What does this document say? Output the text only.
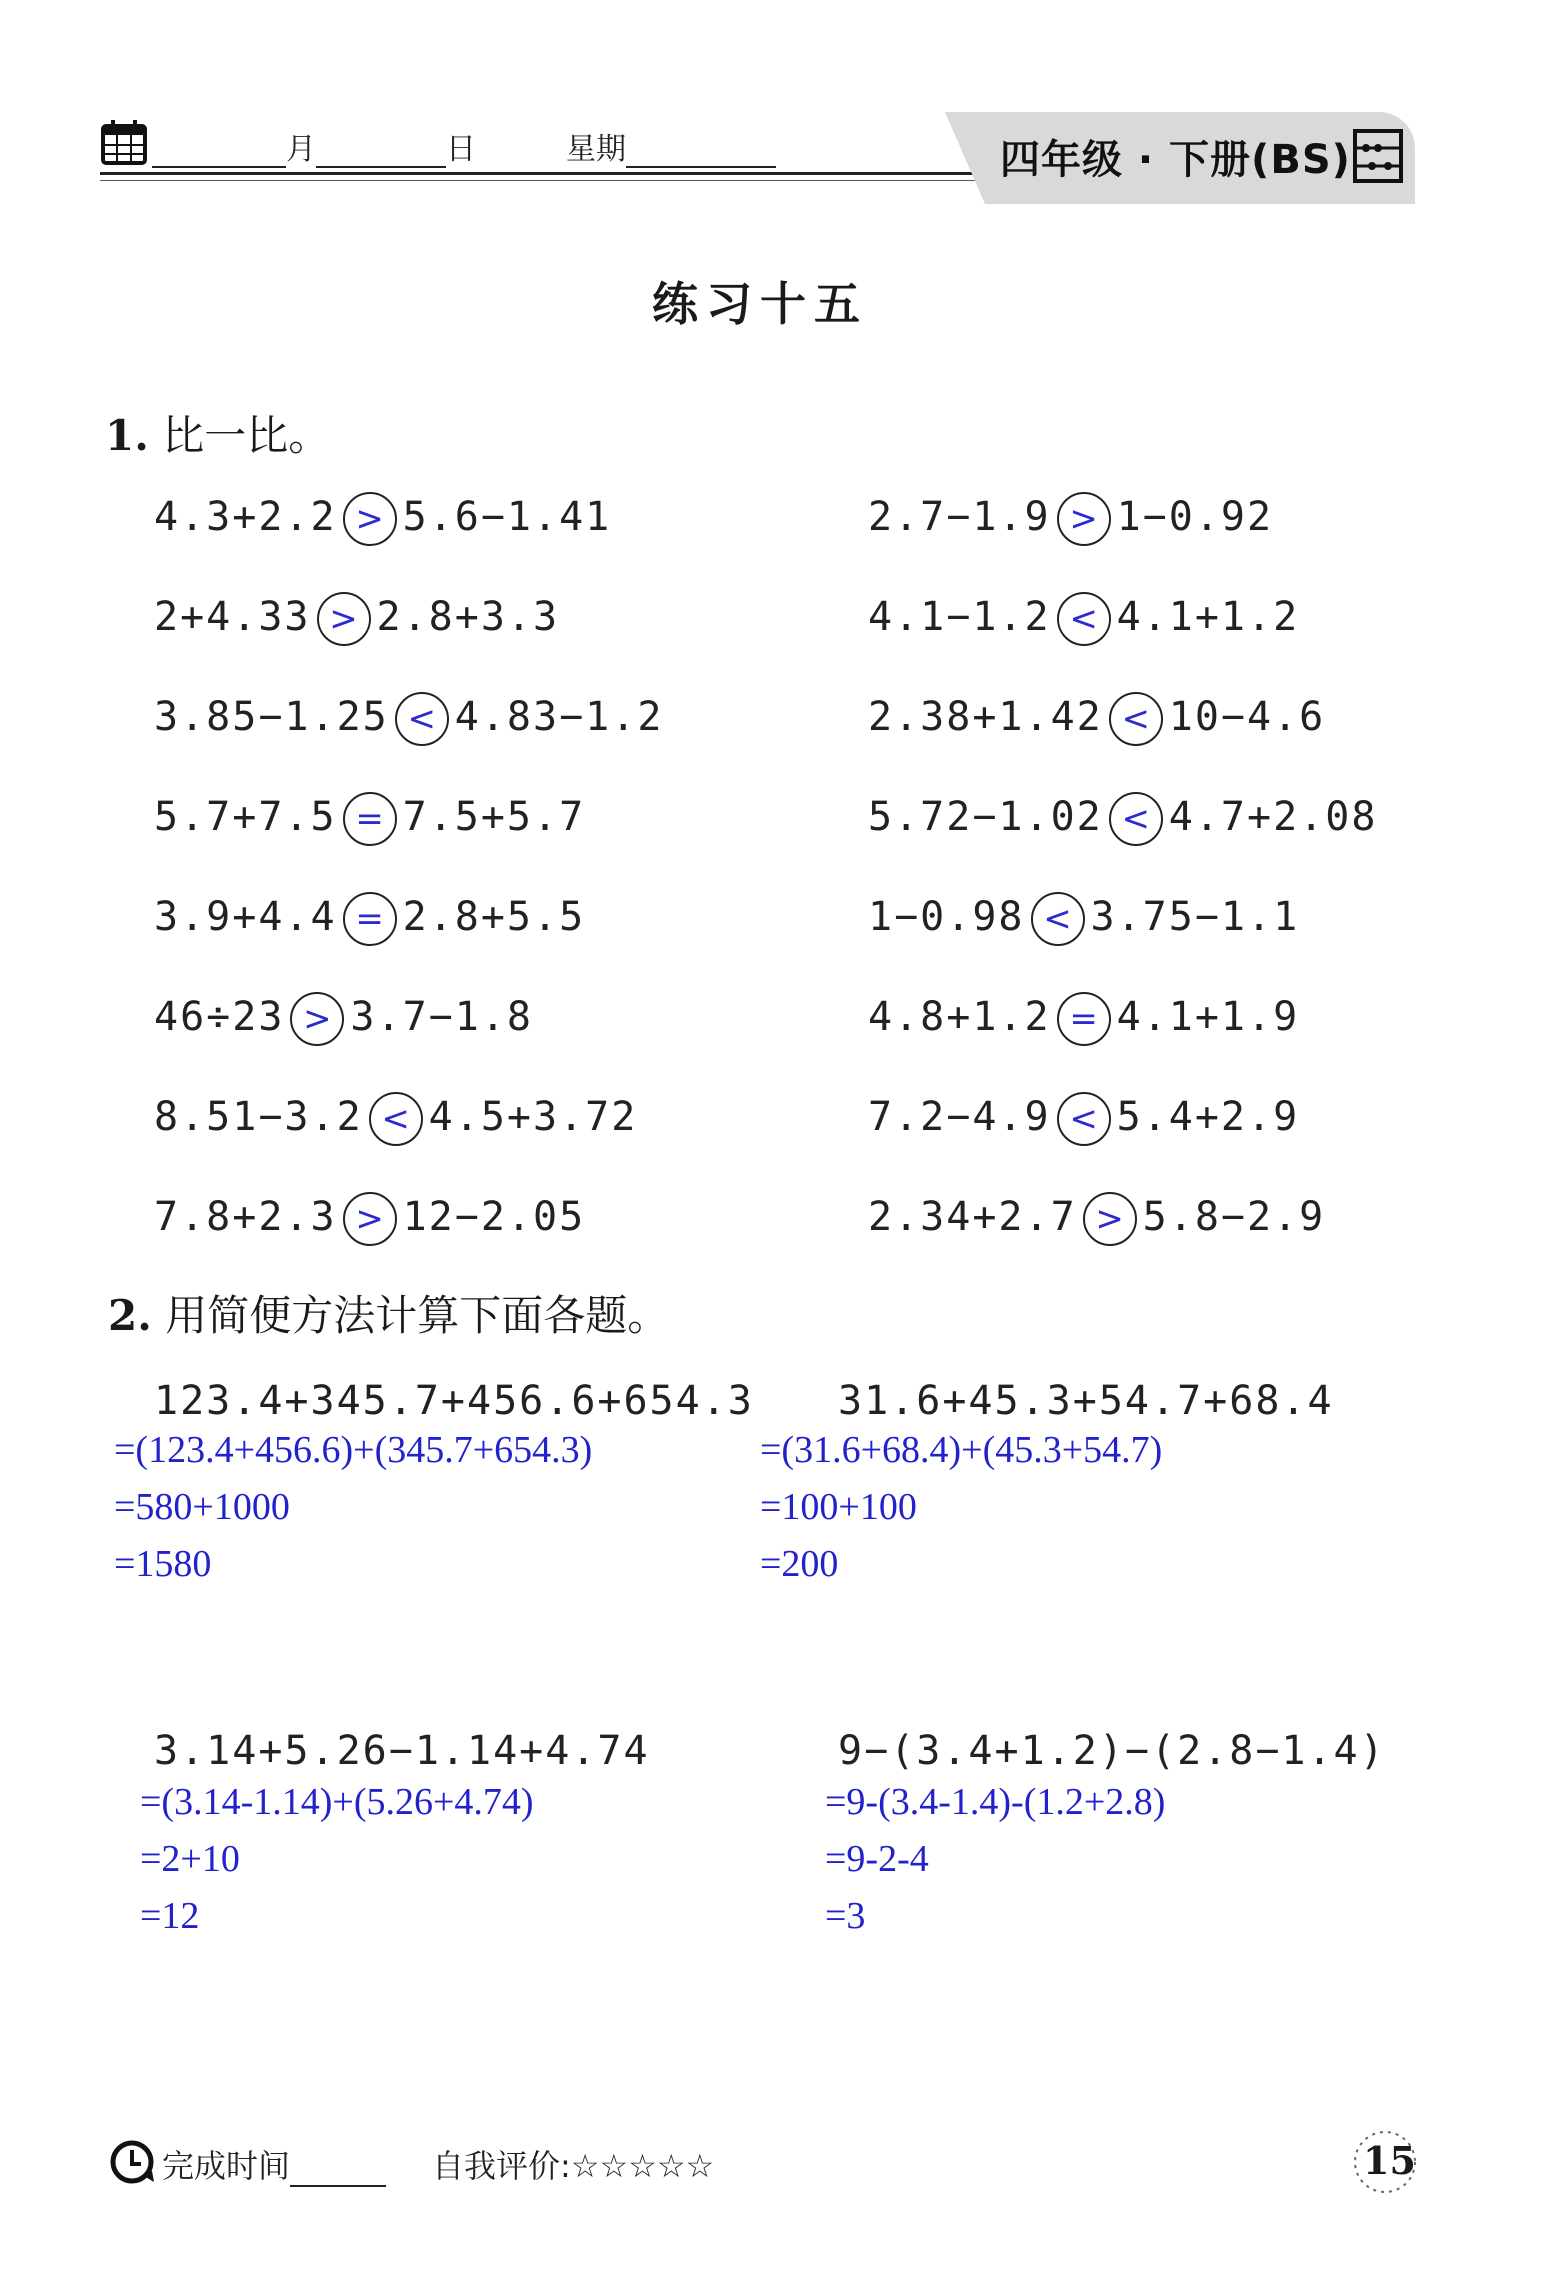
月	日	星期	四年级 · 下册(BS)
练习十五
1. 比一比。
4.3+2.2 > 5.6−1.41
2+4.33 > 2.8+3.3
3.85−1.25 < 4.83−1.2
5.7+7.5 = 7.5+5.7
3.9+4.4 = 2.8+5.5
46÷23 > 3.7−1.8
8.51−3.2 < 4.5+3.72
7.8+2.3 > 12−2.05
2.7−1.9 > 1−0.92
4.1−1.2 < 4.1+1.2
2.38+1.42 < 10−4.6
5.72−1.02 < 4.7+2.08
1−0.98 < 3.75−1.1
4.8+1.2 = 4.1+1.9
7.2−4.9 < 5.4+2.9
2.34+2.7 > 5.8−2.9
2. 用简便方法计算下面各题。
123.4+345.7+456.6+654.3
=(123.4+456.6)+(345.7+654.3)
=580+1000
=1580
31.6+45.3+54.7+68.4
=(31.6+68.4)+(45.3+54.7)
=100+100
=200
3.14+5.26−1.14+4.74
=(3.14-1.14)+(5.26+4.74)
=2+10
=12
9−(3.4+1.2)−(2.8−1.4)
=9-(3.4-1.4)-(1.2+2.8)
=9-2-4
=3
完成时间	自我评价:☆☆☆☆☆	15
